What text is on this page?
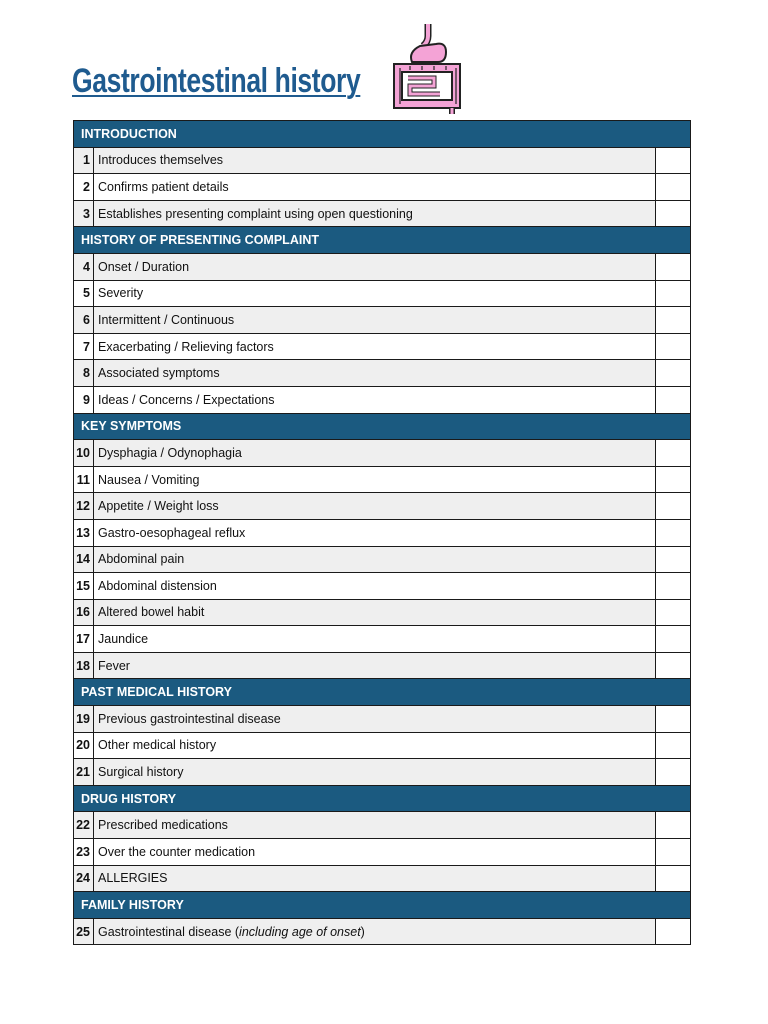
Gastrointestinal history
INTRODUCTION		
1	Introduces themselves	
2	Confirms patient details	
3	Establishes presenting complaint using open questioning	
HISTORY OF PRESENTING COMPLAINT		
4	Onset / Duration	
5	Severity	
6	Intermittent / Continuous	
7	Exacerbating / Relieving factors	
8	Associated symptoms	
9	Ideas / Concerns / Expectations	
KEY SYMPTOMS		
10	Dysphagia / Odynophagia	
11	Nausea / Vomiting	
12	Appetite / Weight loss	
13	Gastro-oesophageal reflux	
14	Abdominal pain	
15	Abdominal distension	
16	Altered bowel habit	
17	Jaundice	
18	Fever	
PAST MEDICAL HISTORY		
19	Previous gastrointestinal disease	
20	Other medical history	
21	Surgical history	
DRUG HISTORY		
22	Prescribed medications	
23	Over the counter medication	
24	ALLERGIES	
FAMILY HISTORY		
25	Gastrointestinal disease (including age of onset)	
